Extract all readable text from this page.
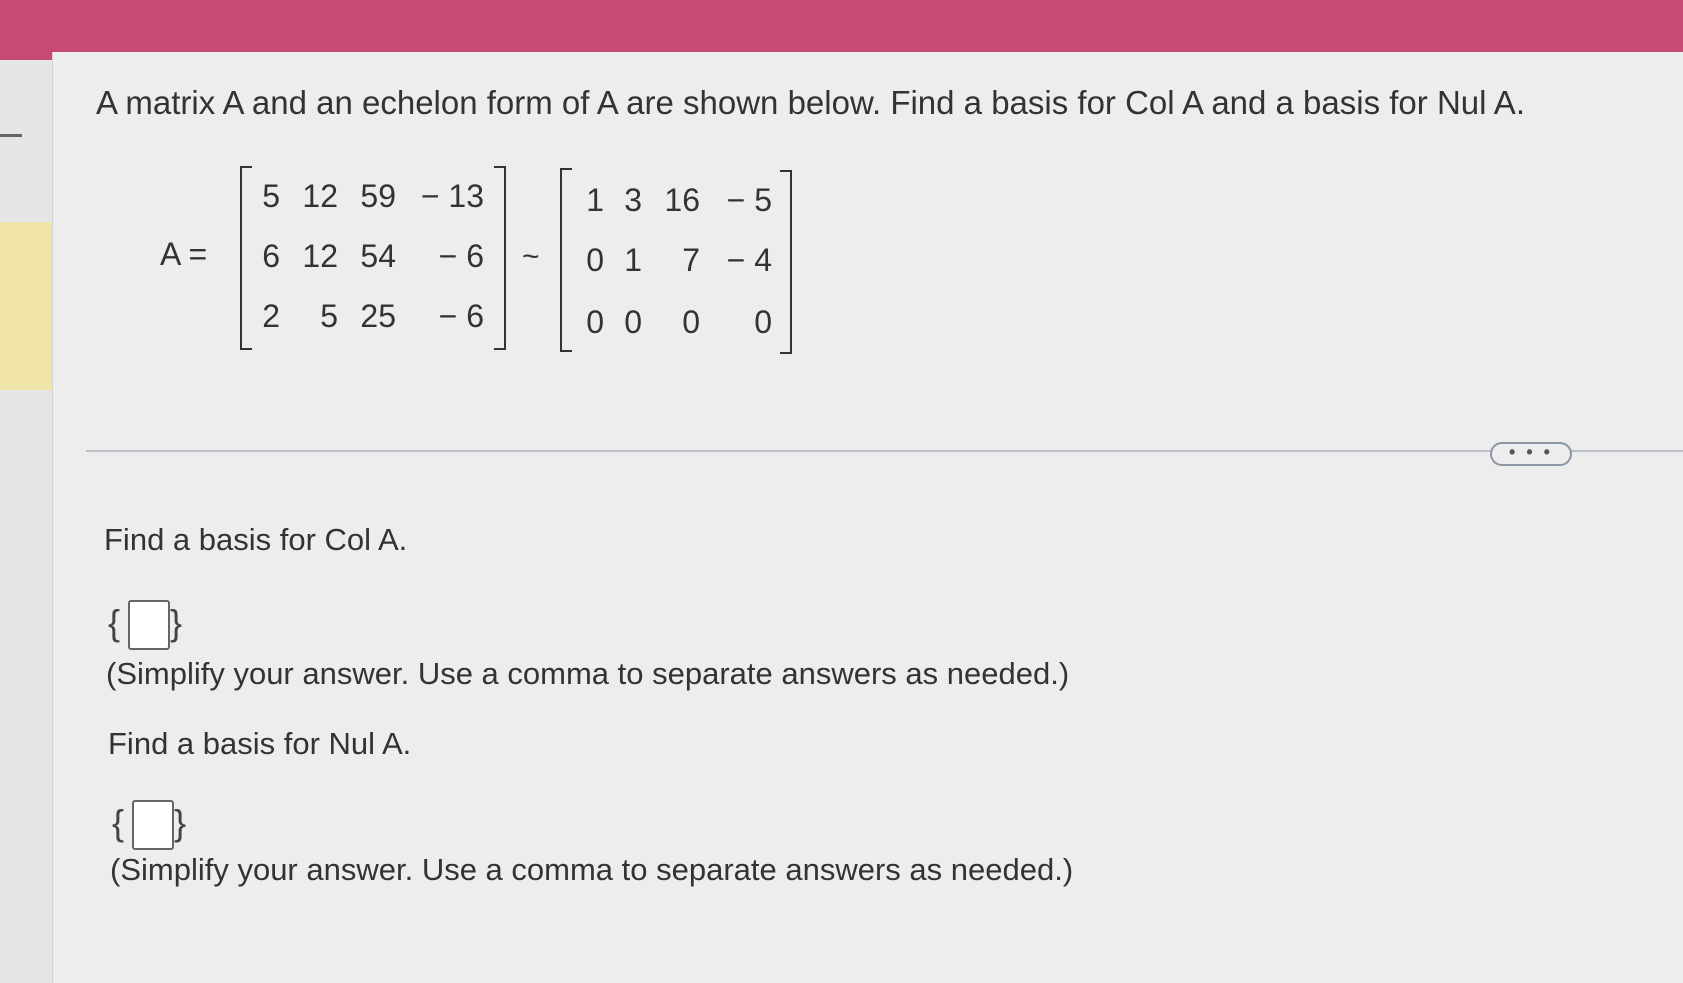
A matrix A and an echelon form of A are shown below. Find a basis for Col A and a basis for Nul A.
A =
5 12 59 − 13
6 12 54	− 6
2	5 25	− 6
~
1 3 16 − 5
0 1	7 − 4
0 0	0	0
• • •
Find a basis for Col A.
{ }
(Simplify your answer. Use a comma to separate answers as needed.)
Find a basis for Nul A.
{ }
(Simplify your answer. Use a comma to separate answers as needed.)
